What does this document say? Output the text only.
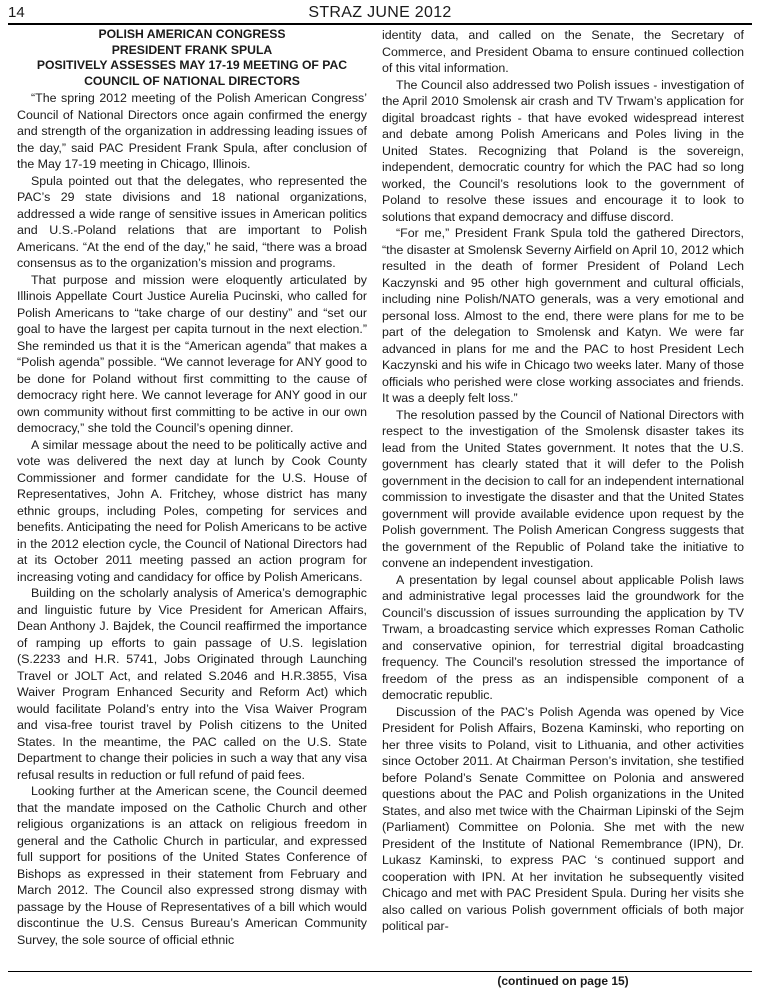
14	STRAZ JUNE 2012
POLISH AMERICAN CONGRESS
PRESIDENT FRANK SPULA
POSITIVELY ASSESSES MAY 17-19 MEETING OF PAC
COUNCIL OF NATIONAL DIRECTORS

“The spring 2012 meeting of the Polish American Congress’ Council of National Directors once again confirmed the energy and strength of the organization in addressing leading issues of the day,” said PAC President Frank Spula, after conclusion of the May 17-19 meeting in Chicago, Illinois.

Spula pointed out that the delegates, who represented the PAC’s 29 state divisions and 18 national organizations, addressed a wide range of sensitive issues in American politics and U.S.-Poland relations that are important to Polish Americans. “At the end of the day,” he said, “there was a broad consensus as to the organization’s mission and programs.

That purpose and mission were eloquently articulated by Illinois Appellate Court Justice Aurelia Pucinski, who called for Polish Americans to “take charge of our destiny” and “set our goal to have the largest per capita turnout in the next election.” She reminded us that it is the “American agenda” that makes a “Polish agenda” possible. “We cannot leverage for ANY good to be done for Poland without first committing to the cause of democracy right here. We cannot leverage for ANY good in our own community without first committing to be active in our own democracy,” she told the Council’s opening dinner.

A similar message about the need to be politically active and vote was delivered the next day at lunch by Cook County Commissioner and former candidate for the U.S. House of Representatives, John A. Fritchey, whose district has many ethnic groups, including Poles, competing for services and benefits. Anticipating the need for Polish Americans to be active in the 2012 election cycle, the Council of National Directors had at its October 2011 meeting passed an action program for increasing voting and candidacy for office by Polish Americans.

Building on the scholarly analysis of America’s demographic and linguistic future by Vice President for American Affairs, Dean Anthony J. Bajdek, the Council reaffirmed the importance of ramping up efforts to gain passage of U.S. legislation (S.2233 and H.R. 5741, Jobs Originated through Launching Travel or JOLT Act, and related S.2046 and H.R.3855, Visa Waiver Program Enhanced Security and Reform Act) which would facilitate Poland’s entry into the Visa Waiver Program and visa-free tourist travel by Polish citizens to the United States. In the meantime, the PAC called on the U.S. State Department to change their policies in such a way that any visa refusal results in reduction or full refund of paid fees.

Looking further at the American scene, the Council deemed that the mandate imposed on the Catholic Church and other religious organizations is an attack on religious freedom in general and the Catholic Church in particular, and expressed full support for positions of the United States Conference of Bishops as expressed in their statement from February and March 2012. The Council also expressed strong dismay with passage by the House of Representatives of a bill which would discontinue the U.S. Census Bureau’s American Community Survey, the sole source of official ethnic

identity data, and called on the Senate, the Secretary of Commerce, and President Obama to ensure continued collection of this vital information.

The Council also addressed two Polish issues - investigation of the April 2010 Smolensk air crash and TV Trwam’s application for digital broadcast rights - that have evoked widespread interest and debate among Polish Americans and Poles living in the United States. Recognizing that Poland is the sovereign, independent, democratic country for which the PAC had so long worked, the Council’s resolutions look to the government of Poland to resolve these issues and encourage it to look to solutions that expand democracy and diffuse discord.

“For me,” President Frank Spula told the gathered Directors, “the disaster at Smolensk Severny Airfield on April 10, 2012 which resulted in the death of former President of Poland Lech Kaczynski and 95 other high government and cultural officials, including nine Polish/NATO generals, was a very emotional and personal loss. Almost to the end, there were plans for me to be part of the delegation to Smolensk and Katyn. We were far advanced in plans for me and the PAC to host President Lech Kaczynski and his wife in Chicago two weeks later. Many of those officials who perished were close working associates and friends. It was a deeply felt loss.”

The resolution passed by the Council of National Directors with respect to the investigation of the Smolensk disaster takes its lead from the United States government. It notes that the U.S. government has clearly stated that it will defer to the Polish government in the decision to call for an independent international commission to investigate the disaster and that the United States government will provide available evidence upon request by the Polish government. The Polish American Congress suggests that the government of the Republic of Poland take the initiative to convene an independent investigation.

A presentation by legal counsel about applicable Polish laws and administrative legal processes laid the groundwork for the Council’s discussion of issues surrounding the application by TV Trwam, a broadcasting service which expresses Roman Catholic and conservative opinion, for terrestrial digital broadcasting frequency. The Council’s resolution stressed the importance of freedom of the press as an indispensible component of a democratic republic.

Discussion of the PAC’s Polish Agenda was opened by Vice President for Polish Affairs, Bozena Kaminski, who reporting on her three visits to Poland, visit to Lithuania, and other activities since October 2011. At Chairman Person’s invitation, she testified before Poland’s Senate Committee on Polonia and answered questions about the PAC and Polish organizations in the United States, and also met twice with the Chairman Lipinski of the Sejm (Parliament) Committee on Polonia. She met with the new President of the Institute of National Remembrance (IPN), Dr. Lukasz Kaminski, to express PAC ‘s continued support and cooperation with IPN. At her invitation he subsequently visited Chicago and met with PAC President Spula. During her visits she also called on various Polish government officials of both major political par-

(continued on page 15)
